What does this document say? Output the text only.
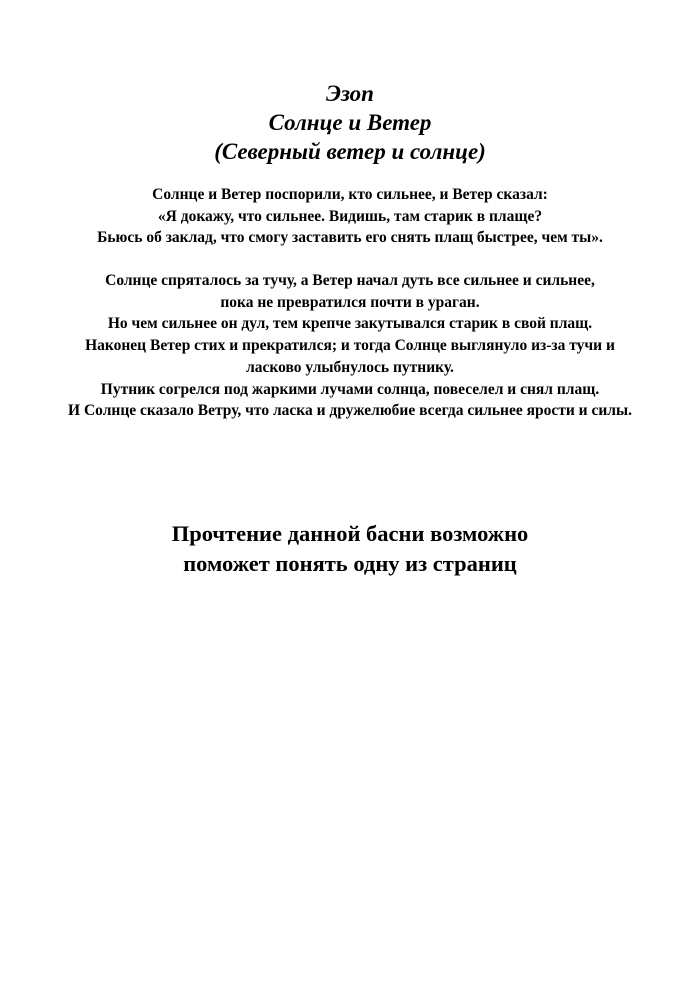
Эзоп
Солнце и Ветер
(Северный ветер и солнце)
Солнце и Ветер поспорили, кто сильнее, и Ветер сказал:
«Я докажу, что сильнее. Видишь, там старик в плаще?
Бьюсь об заклад, что смогу заставить его снять плащ быстрее, чем ты».
Солнце спряталось за тучу, а Ветер начал дуть все сильнее и сильнее,
пока не превратился почти в ураган.
Но чем сильнее он дул, тем крепче закутывался старик в свой плащ.
Наконец Ветер стих и прекратился; и тогда Солнце выглянуло из-за тучи и
ласково улыбнулось путнику.
Путник согрелся под жаркими лучами солнца, повеселел и снял плащ.
И Солнце сказало Ветру, что ласка и дружелюбие всегда сильнее ярости и силы.
Прочтение данной басни возможно
поможет понять одну из страниц
